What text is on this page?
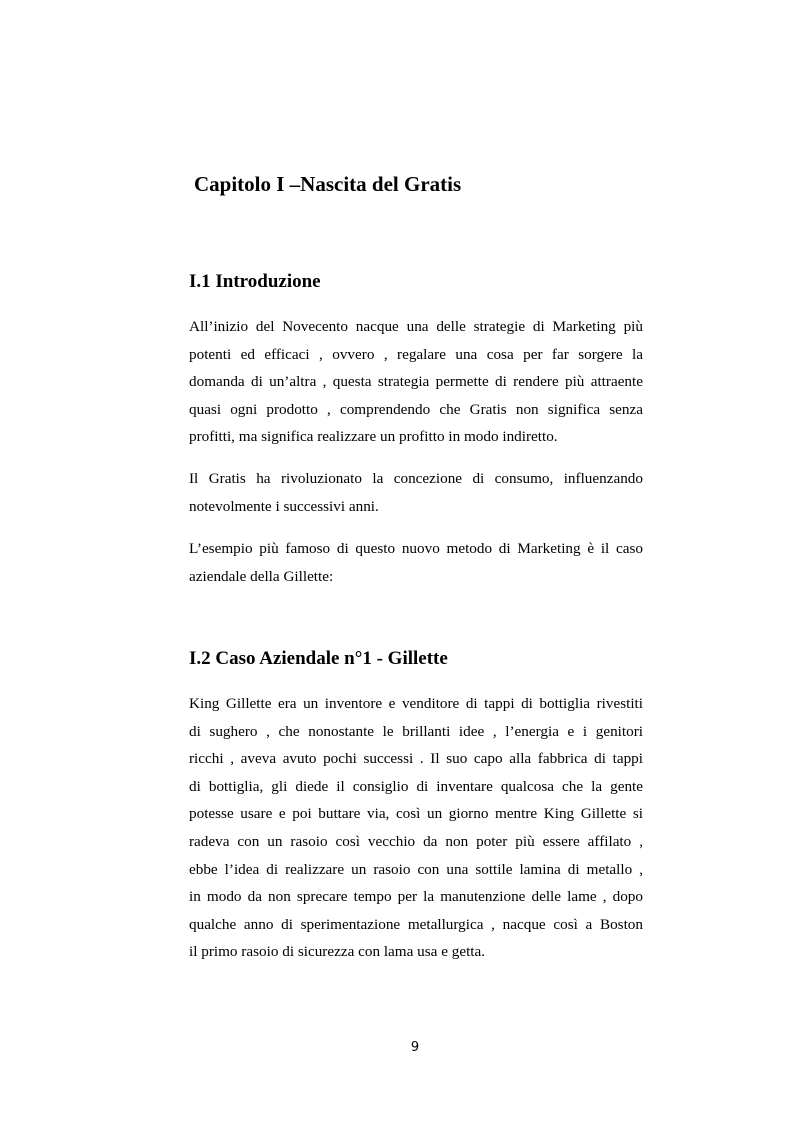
Capitolo I –Nascita del Gratis
I.1 Introduzione

All’inizio del Novecento nacque una delle strategie di Marketing più
potenti ed efficaci , ovvero , regalare una cosa per far sorgere la
domanda di un’altra , questa strategia permette di rendere più attraente
quasi ogni prodotto , comprendendo che Gratis non significa senza
profitti, ma significa realizzare un profitto in modo indiretto.

Il Gratis ha rivoluzionato la concezione di consumo, influenzando
notevolmente i successivi anni.

L’esempio più famoso di questo nuovo metodo di Marketing è il caso
aziendale della Gillette:

I.2 Caso Aziendale n°1 - Gillette

King Gillette era un inventore e venditore di tappi di bottiglia rivestiti
di sughero , che nonostante le brillanti idee , l’energia e i genitori
ricchi , aveva avuto pochi successi . Il suo capo alla fabbrica di tappi
di bottiglia, gli diede il consiglio di inventare qualcosa che la gente
potesse usare e poi buttare via, così un giorno mentre King Gillette si
radeva con un rasoio così vecchio da non poter più essere affilato ,
ebbe l’idea di realizzare un rasoio con una sottile lamina di metallo ,
in modo da non sprecare tempo per la manutenzione delle lame , dopo
qualche anno di sperimentazione metallurgica , nacque così a Boston
il primo rasoio di sicurezza con lama usa e getta.

9
